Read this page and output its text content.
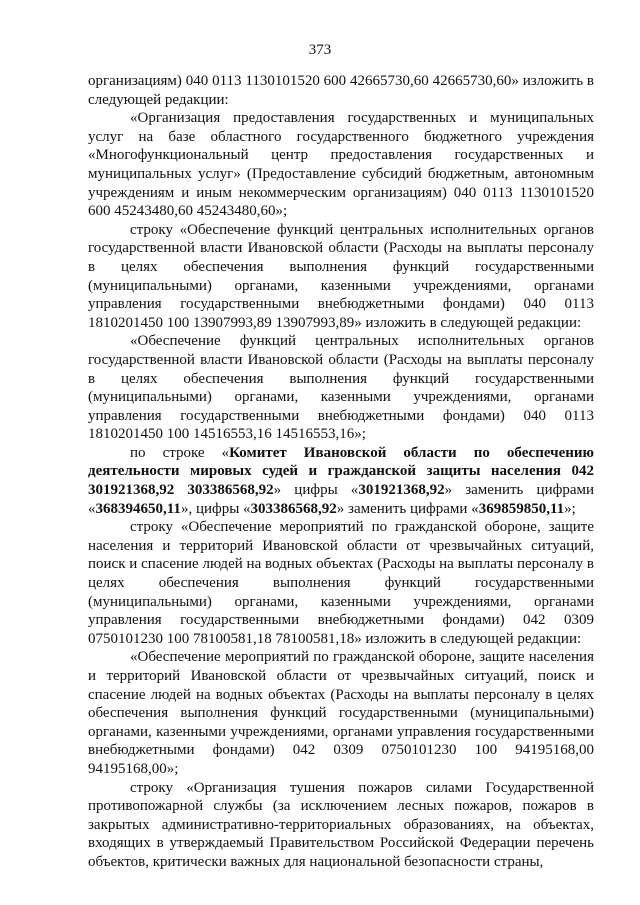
373

организациям) 040 0113 1130101520 600 42665730,60 42665730,60» изложить в следующей редакции:

«Организация предоставления государственных и муниципальных услуг на базе областного государственного бюджетного учреждения «Многофункциональный центр предоставления государственных и муниципальных услуг» (Предоставление субсидий бюджетным, автономным учреждениям и иным некоммерческим организациям) 040 0113 1130101520 600 45243480,60 45243480,60»;

строку «Обеспечение функций центральных исполнительных органов государственной власти Ивановской области (Расходы на выплаты персоналу в целях обеспечения выполнения функций государственными (муниципальными) органами, казенными учреждениями, органами управления государственными внебюджетными фондами) 040 0113 1810201450 100 13907993,89 13907993,89» изложить в следующей редакции:

«Обеспечение функций центральных исполнительных органов государственной власти Ивановской области (Расходы на выплаты персоналу в целях обеспечения выполнения функций государственными (муниципальными) органами, казенными учреждениями, органами управления государственными внебюджетными фондами) 040 0113 1810201450 100 14516553,16 14516553,16»;

по строке «Комитет Ивановской области по обеспечению деятельности мировых судей и гражданской защиты населения 042 301921368,92 303386568,92» цифры «301921368,92» заменить цифрами «368394650,11», цифры «303386568,92» заменить цифрами «369859850,11»;

строку «Обеспечение мероприятий по гражданской обороне, защите населения и территорий Ивановской области от чрезвычайных ситуаций, поиск и спасение людей на водных объектах (Расходы на выплаты персоналу в целях обеспечения выполнения функций государственными (муниципальными) органами, казенными учреждениями, органами управления государственными внебюджетными фондами) 042 0309 0750101230 100 78100581,18 78100581,18» изложить в следующей редакции:

«Обеспечение мероприятий по гражданской обороне, защите населения и территорий Ивановской области от чрезвычайных ситуаций, поиск и спасение людей на водных объектах (Расходы на выплаты персоналу в целях обеспечения выполнения функций государственными (муниципальными) органами, казенными учреждениями, органами управления государственными внебюджетными фондами) 042 0309 0750101230 100 94195168,00 94195168,00»;

строку «Организация тушения пожаров силами Государственной противопожарной службы (за исключением лесных пожаров, пожаров в закрытых административно-территориальных образованиях, на объектах, входящих в утверждаемый Правительством Российской Федерации перечень объектов, критически важных для национальной безопасности страны,
